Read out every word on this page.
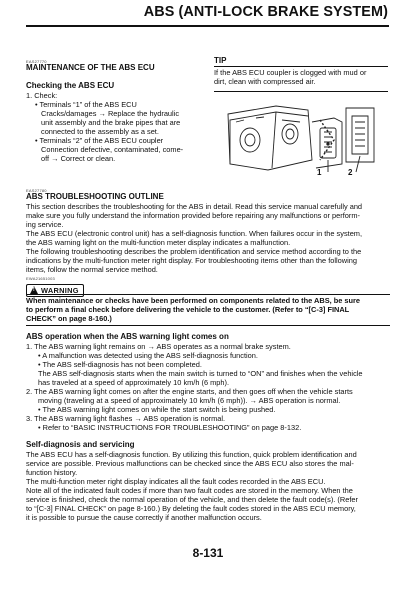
ABS (ANTI-LOCK BRAKE SYSTEM)
EAS27770
MAINTENANCE OF THE ABS ECU
Checking the ABS ECU
1. Check:
• Terminals “1” of the ABS ECU
Cracks/damages → Replace the hydraulic
unit assembly and the brake pipes that are
connected to the assembly as a set.
• Terminals “2” of the ABS ECU coupler
Connection defective, contaminated, come-
off → Correct or clean.
TIP
If the ABS ECU coupler is clogged with mud or
dirt, clean with compressed air.
1	2
EAS27780
ABS TROUBLESHOOTING OUTLINE
This section describes the troubleshooting for the ABS in detail. Read this service manual carefully and
make sure you fully understand the information provided before repairing any malfunctions or perform-
ing service.
The ABS ECU (electronic control unit) has a self-diagnosis function. When failures occur in the system,
the ABS warning light on the multi-function meter display indicates a malfunction.
The following troubleshooting describes the problem identification and service method according to the
indications by the multi-function meter right display. For troubleshooting items other than the following
items, follow the normal service method.
EWA21651003
! WARNING
When maintenance or checks have been performed on components related to the ABS, be sure
to perform a final check before delivering the vehicle to the customer. (Refer to “[C-3] FINAL
CHECK” on page 8-160.)
ABS operation when the ABS warning light comes on
1. The ABS warning light remains on → ABS operates as a normal brake system.
• A malfunction was detected using the ABS self-diagnosis function.
• The ABS self-diagnosis has not been completed.
The ABS self-diagnosis starts when the main switch is turned to “ON” and finishes when the vehicle
has traveled at a speed of approximately 10 km/h (6 mph).
2. The ABS warning light comes on after the engine starts, and then goes off when the vehicle starts
moving (traveling at a speed of approximately 10 km/h (6 mph)). → ABS operation is normal.
• The ABS warning light comes on while the start switch is being pushed.
3. The ABS warning light flashes → ABS operation is normal.
• Refer to “BASIC INSTRUCTIONS FOR TROUBLESHOOTING” on page 8-132.
Self-diagnosis and servicing
The ABS ECU has a self-diagnosis function. By utilizing this function, quick problem identification and
service are possible. Previous malfunctions can be checked since the ABS ECU also stores the mal-
function history.
The multi-function meter right display indicates all the fault codes recorded in the ABS ECU.
Note all of the indicated fault codes if more than two fault codes are stored in the memory. When the
service is finished, check the normal operation of the vehicle, and then delete the fault code(s). (Refer
to “[C-3] FINAL CHECK” on page 8-160.) By deleting the fault codes stored in the ABS ECU memory,
it is possible to pursue the cause correctly if another malfunction occurs.
8-131
